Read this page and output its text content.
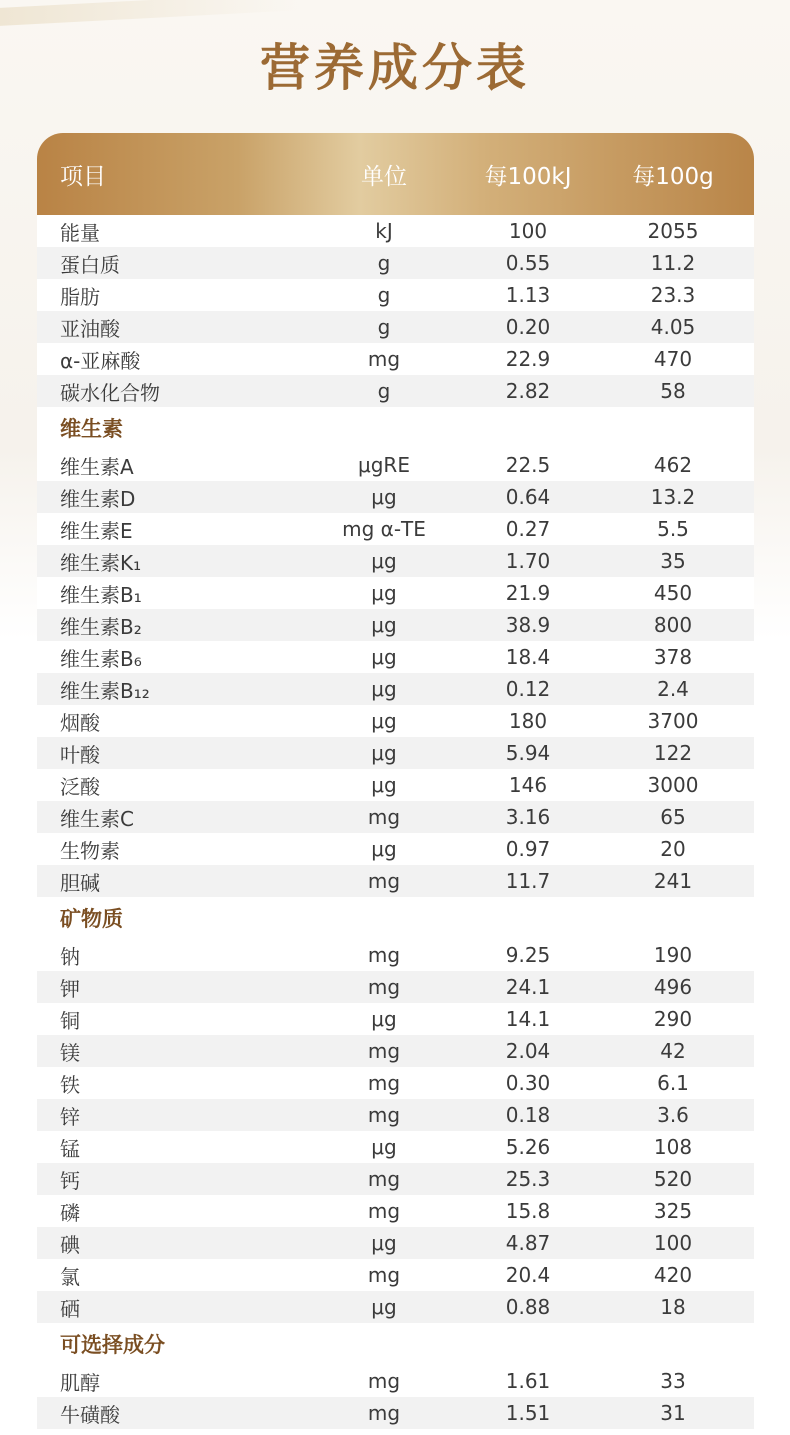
营养成分表
项目	单位	每100kJ	每100g
能量	kJ	100	2055
蛋白质	g	0.55	11.2
脂肪	g	1.13	23.3
亚油酸	g	0.20	4.05
α-亚麻酸	mg	22.9	470
碳水化合物	g	2.82	58
维生素
维生素A	μgRE	22.5	462
维生素D	μg	0.64	13.2
维生素E	mg α-TE	0.27	5.5
维生素K₁	μg	1.70	35
维生素B₁	μg	21.9	450
维生素B₂	μg	38.9	800
维生素B₆	μg	18.4	378
维生素B₁₂	μg	0.12	2.4
烟酸	μg	180	3700
叶酸	μg	5.94	122
泛酸	μg	146	3000
维生素C	mg	3.16	65
生物素	μg	0.97	20
胆碱	mg	11.7	241
矿物质
钠	mg	9.25	190
钾	mg	24.1	496
铜	μg	14.1	290
镁	mg	2.04	42
铁	mg	0.30	6.1
锌	mg	0.18	3.6
锰	μg	5.26	108
钙	mg	25.3	520
磷	mg	15.8	325
碘	μg	4.87	100
氯	mg	20.4	420
硒	μg	0.88	18
可选择成分
肌醇	mg	1.61	33
牛磺酸	mg	1.51	31
